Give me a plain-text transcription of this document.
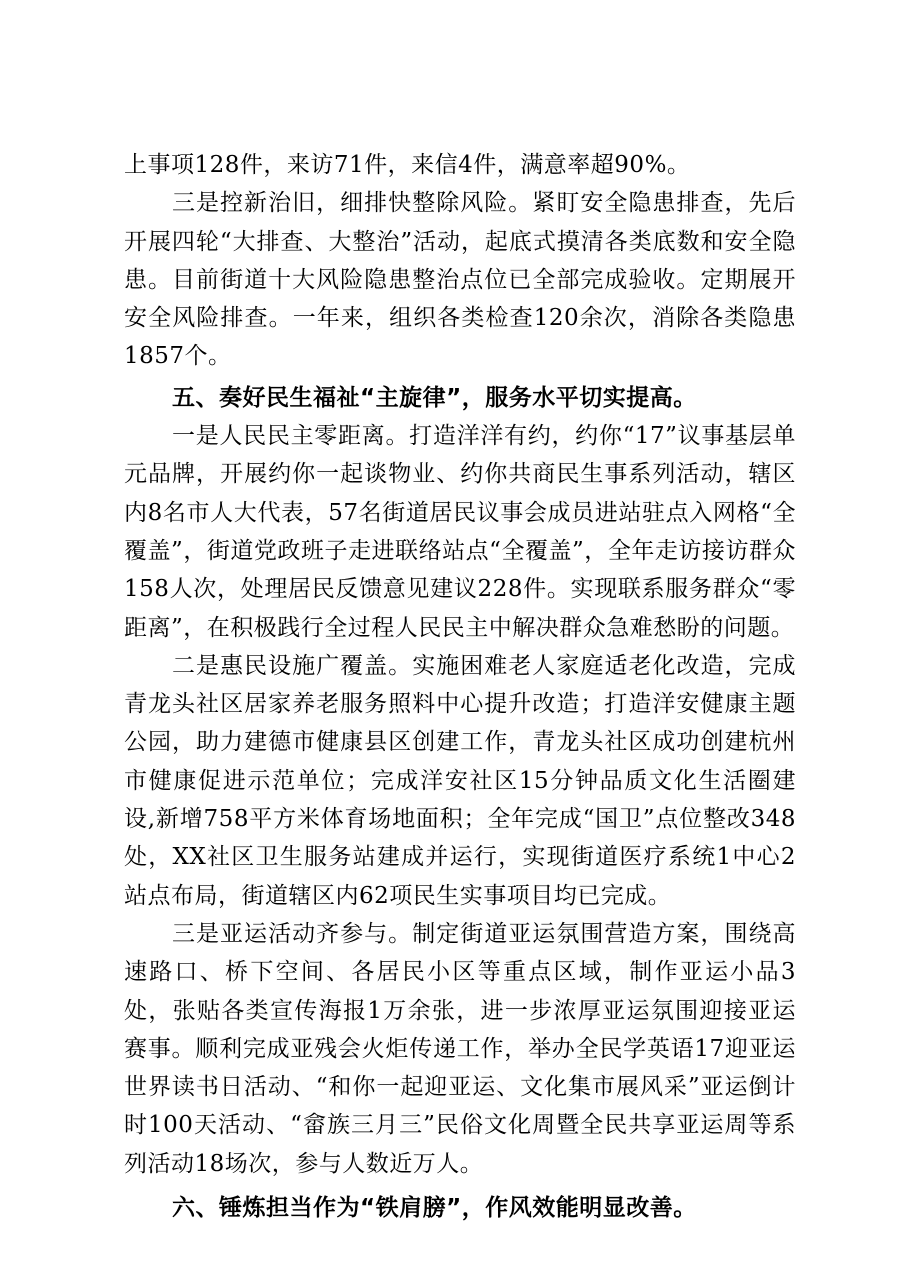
上事项128件，来访71件，来信4件，满意率超90%。

三是控新治旧，细排快整除风险。紧盯安全隐患排查，先后开展四轮“大排查、大整治”活动，起底式摸清各类底数和安全隐患。目前街道十大风险隐患整治点位已全部完成验收。定期展开安全风险排查。一年来，组织各类检查120余次，消除各类隐患1857个。

五、奏好民生福祉“主旋律”，服务水平切实提高。

一是人民民主零距离。打造洋洋有约，约你“17”议事基层单元品牌，开展约你一起谈物业、约你共商民生事系列活动，辖区内8名市人大代表，57名街道居民议事会成员进站驻点入网格“全覆盖”，街道党政班子走进联络站点“全覆盖”，全年走访接访群众158人次，处理居民反馈意见建议228件。实现联系服务群众“零距离”，在积极践行全过程人民民主中解决群众急难愁盼的问题。

二是惠民设施广覆盖。实施困难老人家庭适老化改造，完成青龙头社区居家养老服务照料中心提升改造；打造洋安健康主题公园，助力建德市健康县区创建工作，青龙头社区成功创建杭州市健康促进示范单位；完成洋安社区15分钟品质文化生活圈建设,新增758平方米体育场地面积；全年完成“国卫”点位整改348处，XX社区卫生服务站建成并运行，实现街道医疗系统1中心2站点布局，街道辖区内62项民生实事项目均已完成。

三是亚运活动齐参与。制定街道亚运氛围营造方案，围绕高速路口、桥下空间、各居民小区等重点区域，制作亚运小品3处，张贴各类宣传海报1万余张，进一步浓厚亚运氛围迎接亚运赛事。顺利完成亚残会火炬传递工作，举办全民学英语17迎亚运世界读书日活动、“和你一起迎亚运、文化集市展风采”亚运倒计时100天活动、“畲族三月三”民俗文化周暨全民共享亚运周等系列活动18场次，参与人数近万人。

六、锤炼担当作为“铁肩膀”，作风效能明显改善。
